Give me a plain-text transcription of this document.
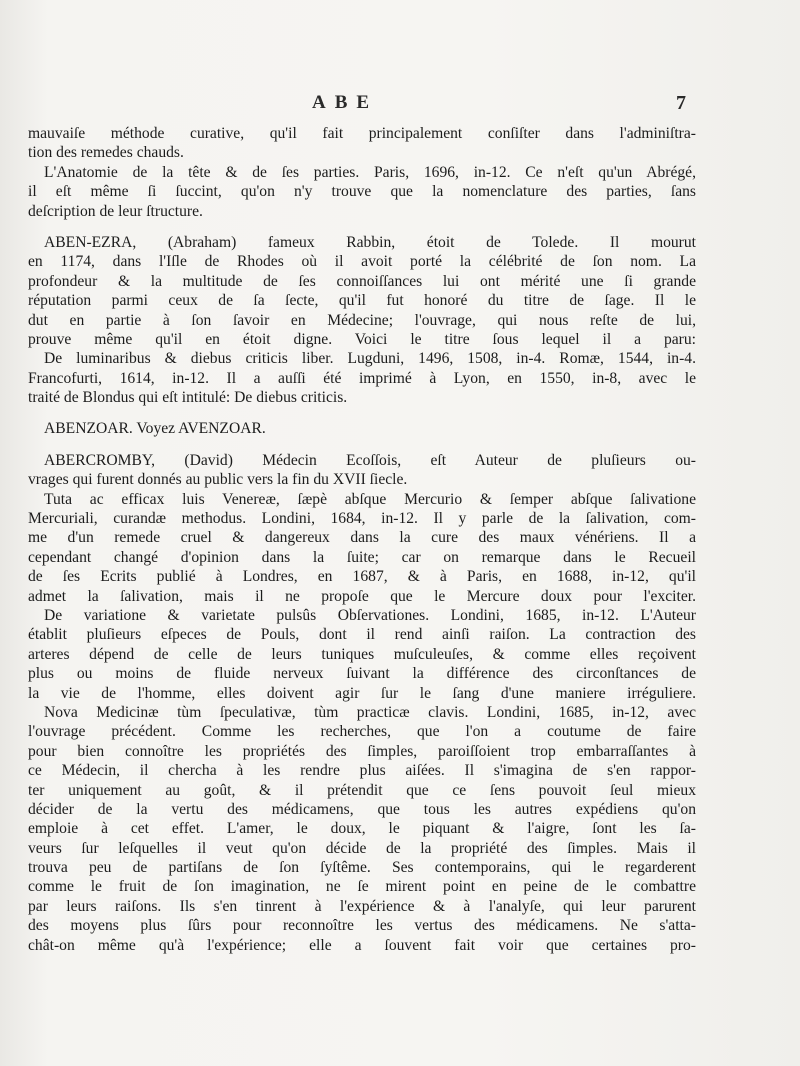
ABE	7
mauvaiſe méthode curative, qu'il fait principalement conſiſter dans l'adminiſtra-
tion des remedes chauds.
L'Anatomie de la tête & de ſes parties. Paris, 1696, in-12. Ce n'eſt qu'un Abrégé,
il eſt même ſi ſuccint, qu'on n'y trouve que la nomenclature des parties, ſans
deſcription de leur ſtructure.
ABEN-EZRA, (Abraham) fameux Rabbin, étoit de Tolede. Il mourut
en 1174, dans l'Iſle de Rhodes où il avoit porté la célébrité de ſon nom. La
profondeur & la multitude de ſes connoiſſances lui ont mérité une ſi grande
réputation parmi ceux de ſa ſecte, qu'il fut honoré du titre de ſage. Il le
dut en partie à ſon ſavoir en Médecine; l'ouvrage, qui nous reſte de lui,
prouve même qu'il en étoit digne. Voici le titre ſous lequel il a paru:
De luminaribus & diebus criticis liber. Lugduni, 1496, 1508, in-4. Romæ, 1544, in-4.
Francofurti, 1614, in-12. Il a auſſi été imprimé à Lyon, en 1550, in-8, avec le
traité de Blondus qui eſt intitulé: De diebus criticis.
ABENZOAR. Voyez AVENZOAR.
ABERCROMBY, (David) Médecin Ecoſſois, eſt Auteur de pluſieurs ou-
vrages qui furent donnés au public vers la fin du XVII ſiecle.
Tuta ac efficax luis Venereæ, ſæpè abſque Mercurio & ſemper abſque ſalivatione
Mercuriali, curandæ methodus. Londini, 1684, in-12. Il y parle de la ſalivation, com-
me d'un remede cruel & dangereux dans la cure des maux vénériens. Il a
cependant changé d'opinion dans la ſuite; car on remarque dans le Recueil
de ſes Ecrits publié à Londres, en 1687, & à Paris, en 1688, in-12, qu'il
admet la ſalivation, mais il ne propoſe que le Mercure doux pour l'exciter.
De variatione & varietate pulsûs Obſervationes. Londini, 1685, in-12. L'Auteur
établit pluſieurs eſpeces de Pouls, dont il rend ainſi raiſon. La contraction des
arteres dépend de celle de leurs tuniques muſculeuſes, & comme elles reçoivent
plus ou moins de fluide nerveux ſuivant la différence des circonſtances de
la vie de l'homme, elles doivent agir ſur le ſang d'une maniere irréguliere.
Nova Medicinæ tùm ſpeculativæ, tùm practicæ clavis. Londini, 1685, in-12, avec
l'ouvrage précédent. Comme les recherches, que l'on a coutume de faire
pour bien connoître les propriétés des ſimples, paroiſſoient trop embarraſſantes à
ce Médecin, il chercha à les rendre plus aiſées. Il s'imagina de s'en rappor-
ter uniquement au goût, & il prétendit que ce ſens pouvoit ſeul mieux
décider de la vertu des médicamens, que tous les autres expédiens qu'on
emploie à cet effet. L'amer, le doux, le piquant & l'aigre, ſont les ſa-
veurs ſur leſquelles il veut qu'on décide de la propriété des ſimples. Mais il
trouva peu de partiſans de ſon ſyſtême. Ses contemporains, qui le regarderent
comme le fruit de ſon imagination, ne ſe mirent point en peine de le combattre
par leurs raiſons. Ils s'en tinrent à l'expérience & à l'analyſe, qui leur parurent
des moyens plus ſûrs pour reconnoître les vertus des médicamens. Ne s'atta-
chât-on même qu'à l'expérience; elle a ſouvent fait voir que certaines pro-
